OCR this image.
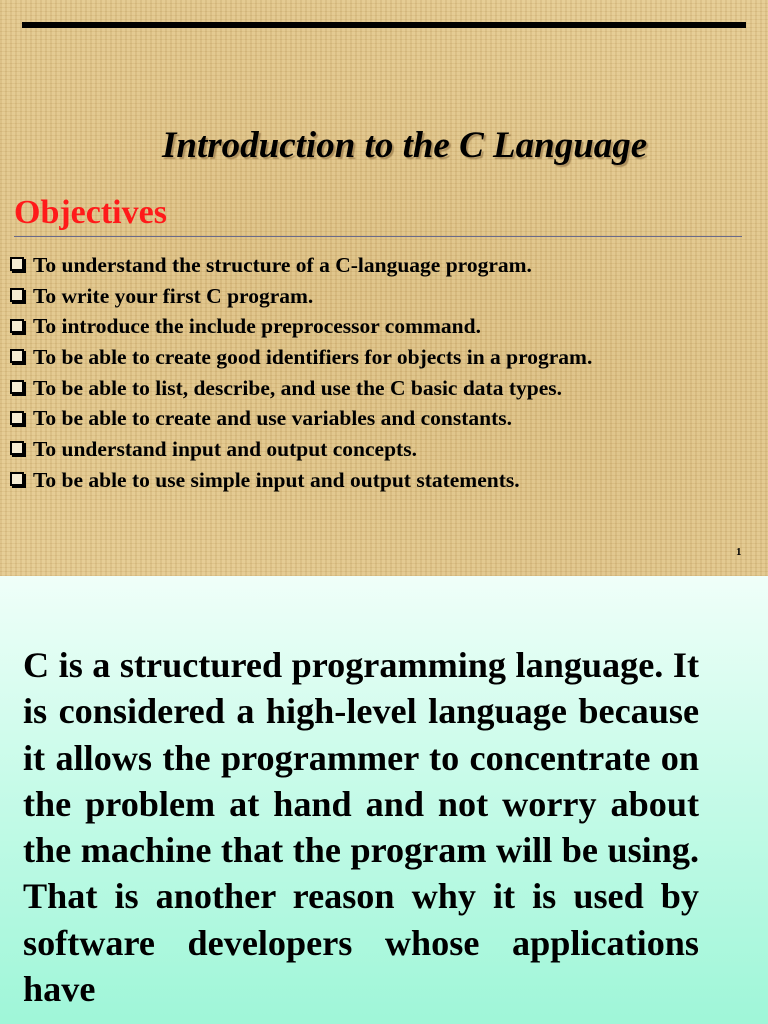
Introduction to the C Language
Objectives
To understand the structure of a C-language program.
To write your first C program.
To introduce the include preprocessor command.
To be able to create good identifiers for objects in a program.
To be able to list, describe, and use the C basic data types.
To be able to create and use variables and constants.
To understand input and output concepts.
To be able to use simple input and output statements.
1

C is a structured programming language. It is considered a high-level language because it allows the programmer to concentrate on the problem at hand and not worry about the machine that the program will be using. That is another reason why it is used by software developers whose applications have
